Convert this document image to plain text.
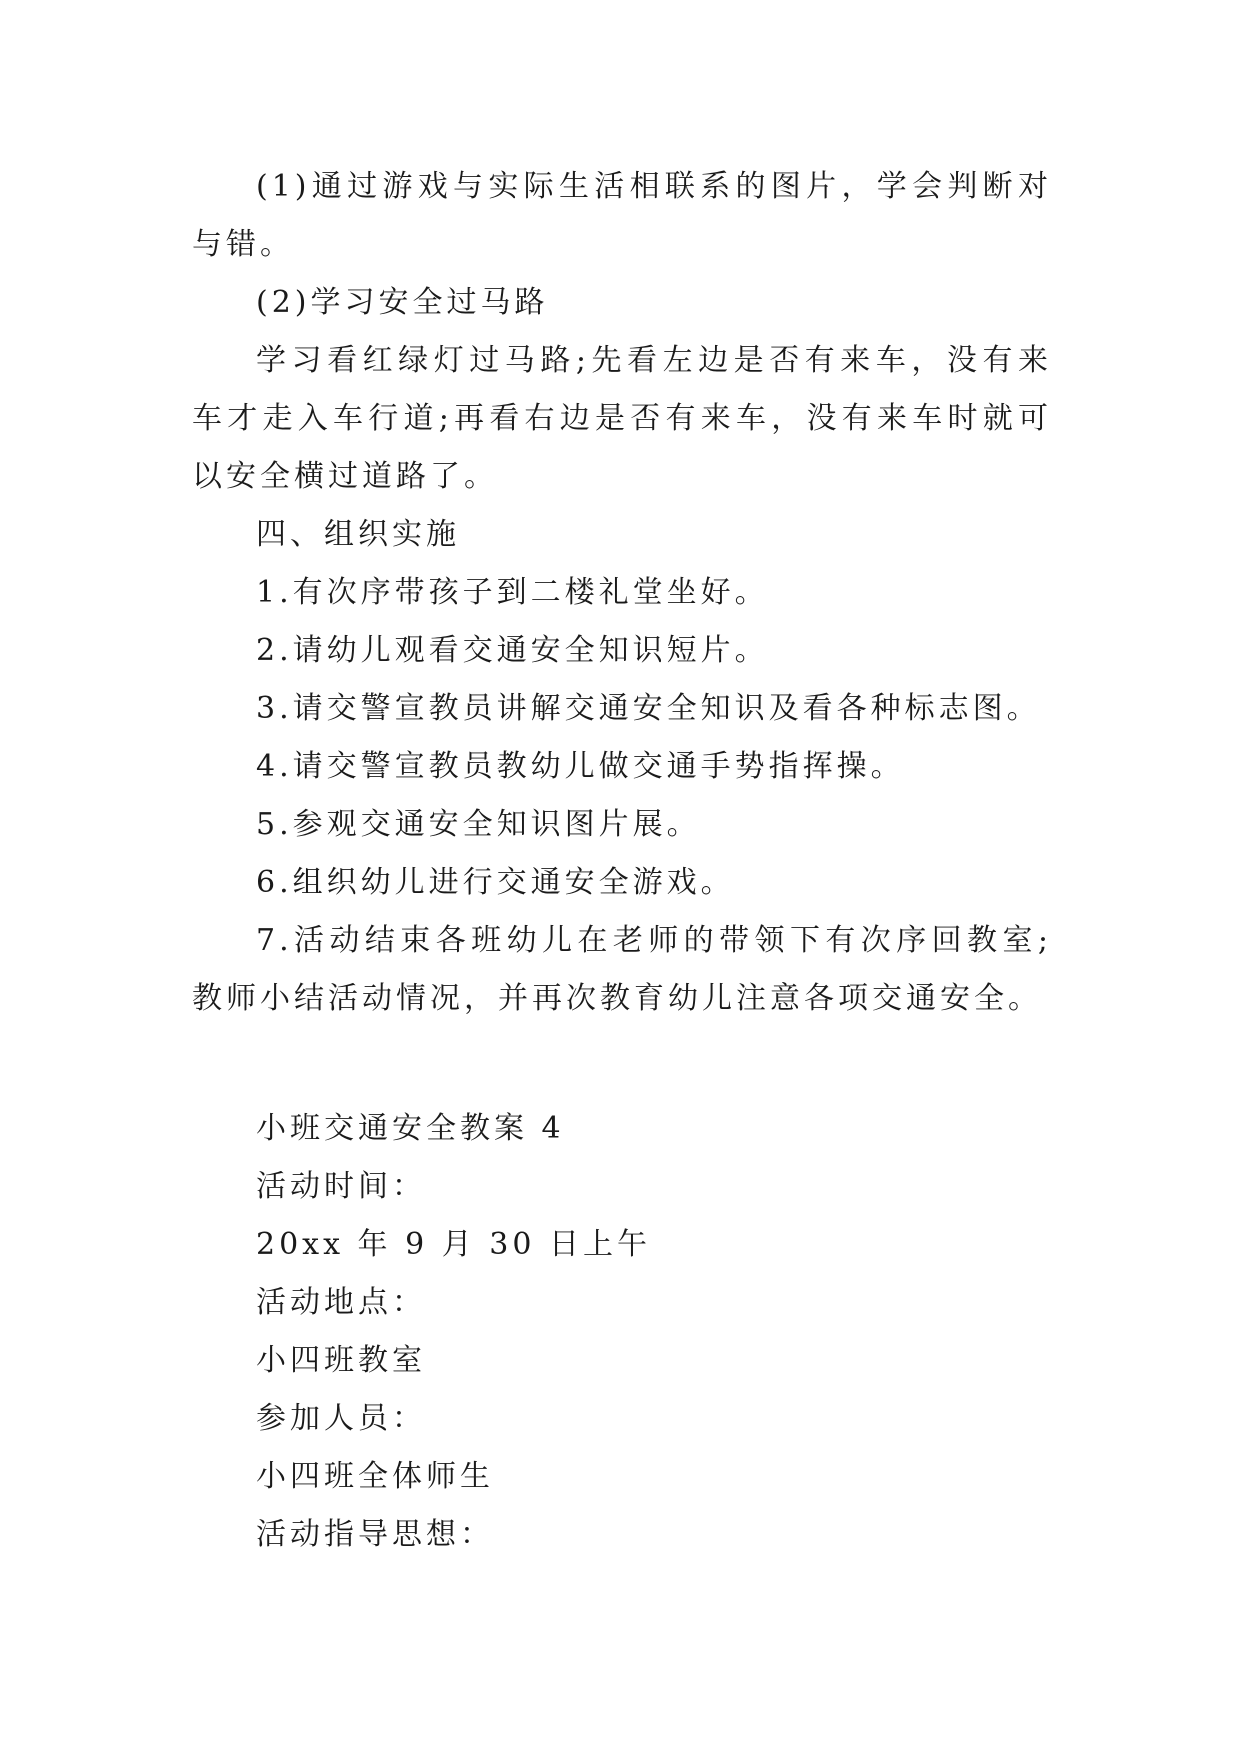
(1)通过游戏与实际生活相联系的图片，学会判断对与错。

(2)学习安全过马路

学习看红绿灯过马路;先看左边是否有来车，没有来车才走入车行道;再看右边是否有来车，没有来车时就可以安全横过道路了。

四、组织实施

1.有次序带孩子到二楼礼堂坐好。

2.请幼儿观看交通安全知识短片。

3.请交警宣教员讲解交通安全知识及看各种标志图。

4.请交警宣教员教幼儿做交通手势指挥操。

5.参观交通安全知识图片展。

6.组织幼儿进行交通安全游戏。

7.活动结束各班幼儿在老师的带领下有次序回教室;教师小结活动情况，并再次教育幼儿注意各项交通安全。

小班交通安全教案 4

活动时间：

20xx 年 9 月 30 日上午

活动地点：

小四班教室

参加人员：

小四班全体师生

活动指导思想：
